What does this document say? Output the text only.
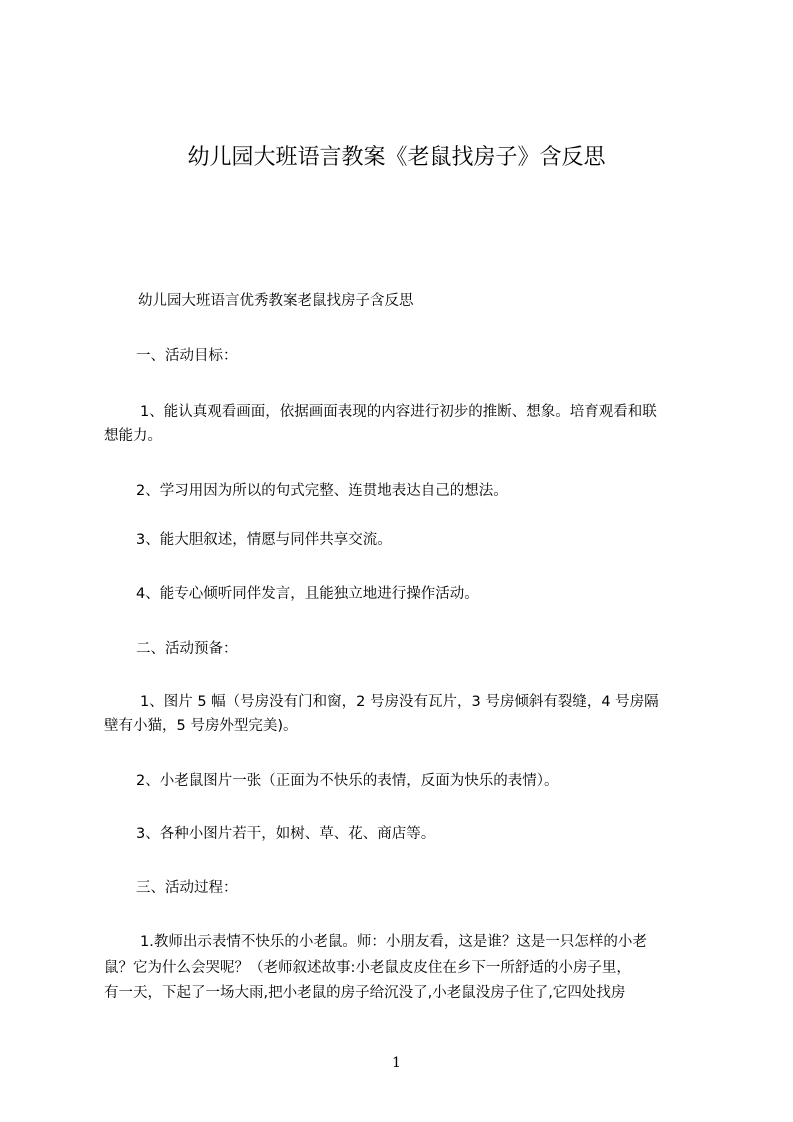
幼儿园大班语言教案《老鼠找房子》含反思

幼儿园大班语言优秀教案老鼠找房子含反思

一、活动目标：

1、能认真观看画面，依据画面表现的内容进行初步的推断、想象。培育观看和联

想能力。

2、学习用因为所以的句式完整、连贯地表达自己的想法。

3、能大胆叙述，情愿与同伴共享交流。

4、能专心倾听同伴发言，且能独立地进行操作活动。

二、活动预备：

1、图片 5 幅（号房没有门和窗，2 号房没有瓦片，3 号房倾斜有裂缝，4 号房隔

壁有小猫，5 号房外型完美)。

2、小老鼠图片一张（正面为不快乐的表情，反面为快乐的表情）。

3、各种小图片若干，如树、草、花、商店等。

三、活动过程：

1.教师出示表情不快乐的小老鼠。师：小朋友看，这是谁？这是一只怎样的小老

鼠？它为什么会哭呢？（老师叙述故事:小老鼠皮皮住在乡下一所舒适的小房子里，

有一天，下起了一场大雨,把小老鼠的房子给沉没了,小老鼠没房子住了,它四处找房

1
